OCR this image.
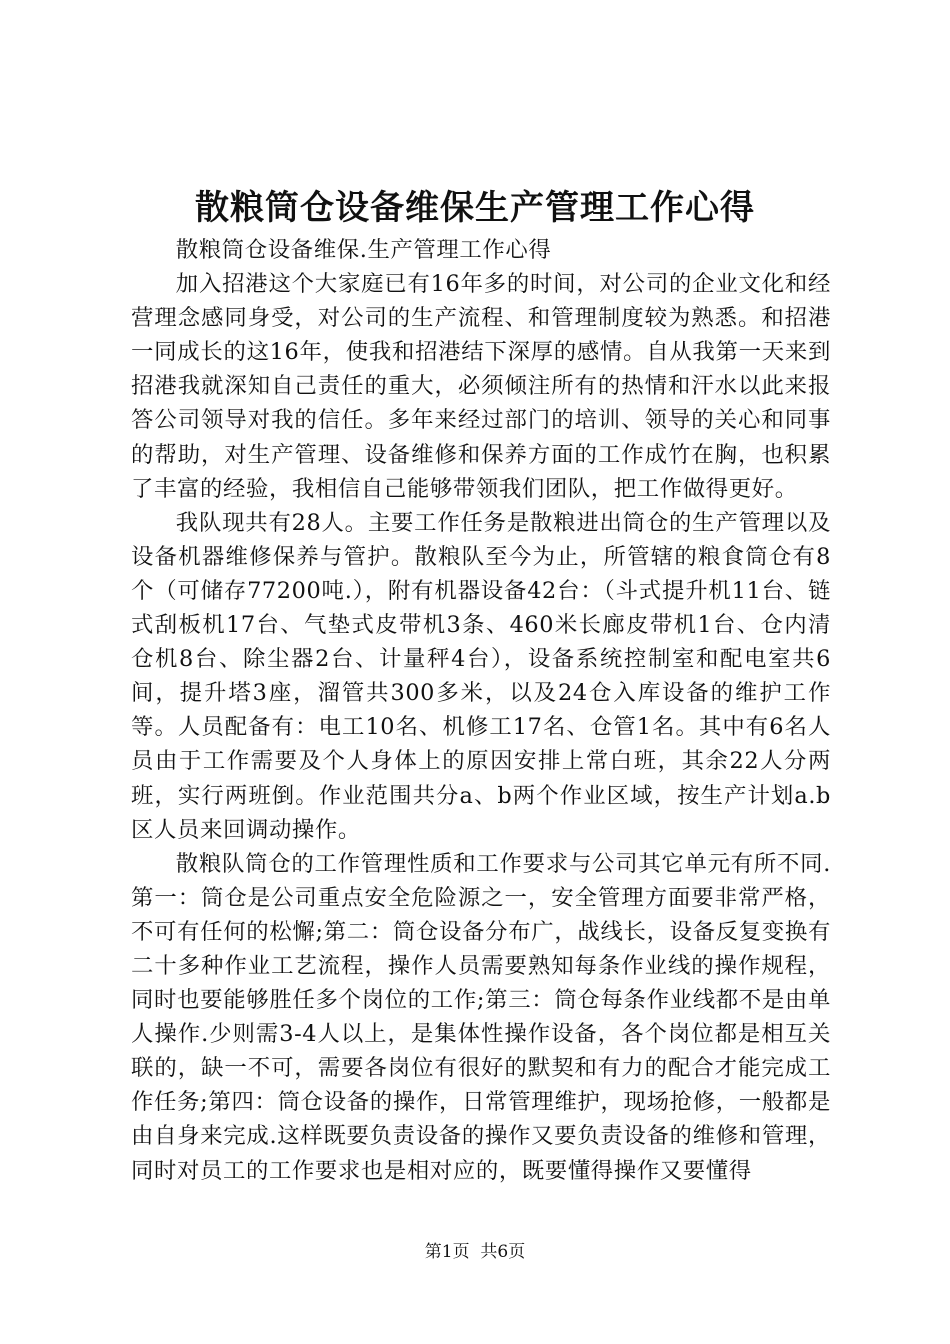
散粮筒仓设备维保生产管理工作心得

散粮筒仓设备维保.生产管理工作心得

加入招港这个大家庭已有16年多的时间，对公司的企业文化和经营理念感同身受，对公司的生产流程、和管理制度较为熟悉。和招港一同成长的这16年，使我和招港结下深厚的感情。自从我第一天来到招港我就深知自己责任的重大，必须倾注所有的热情和汗水以此来报答公司领导对我的信任。多年来经过部门的培训、领导的关心和同事的帮助，对生产管理、设备维修和保养方面的工作成竹在胸，也积累了丰富的经验，我相信自己能够带领我们团队，把工作做得更好。

我队现共有28人。主要工作任务是散粮进出筒仓的生产管理以及设备机器维修保养与管护。散粮队至今为止，所管辖的粮食筒仓有8个（可储存77200吨.），附有机器设备42台：（斗式提升机11台、链式刮板机17台、气垫式皮带机3条、460米长廊皮带机1台、仓内清仓机8台、除尘器2台、计量秤4台），设备系统控制室和配电室共6间，提升塔3座，溜管共300多米，以及24仓入库设备的维护工作等。人员配备有：电工10名、机修工17名、仓管1名。其中有6名人员由于工作需要及个人身体上的原因安排上常白班，其余22人分两班，实行两班倒。作业范围共分a、b两个作业区域，按生产计划a.b区人员来回调动操作。

散粮队筒仓的工作管理性质和工作要求与公司其它单元有所不同.第一：筒仓是公司重点安全危险源之一，安全管理方面要非常严格，不可有任何的松懈;第二：筒仓设备分布广，战线长，设备反复变换有二十多种作业工艺流程，操作人员需要熟知每条作业线的操作规程，同时也要能够胜任多个岗位的工作;第三：筒仓每条作业线都不是由单人操作.少则需3-4人以上，是集体性操作设备，各个岗位都是相互关联的，缺一不可，需要各岗位有很好的默契和有力的配合才能完成工作任务;第四：筒仓设备的操作，日常管理维护，现场抢修，一般都是由自身来完成.这样既要负责设备的操作又要负责设备的维修和管理，同时对员工的工作要求也是相对应的，既要懂得操作又要懂得

第1页 共6页
